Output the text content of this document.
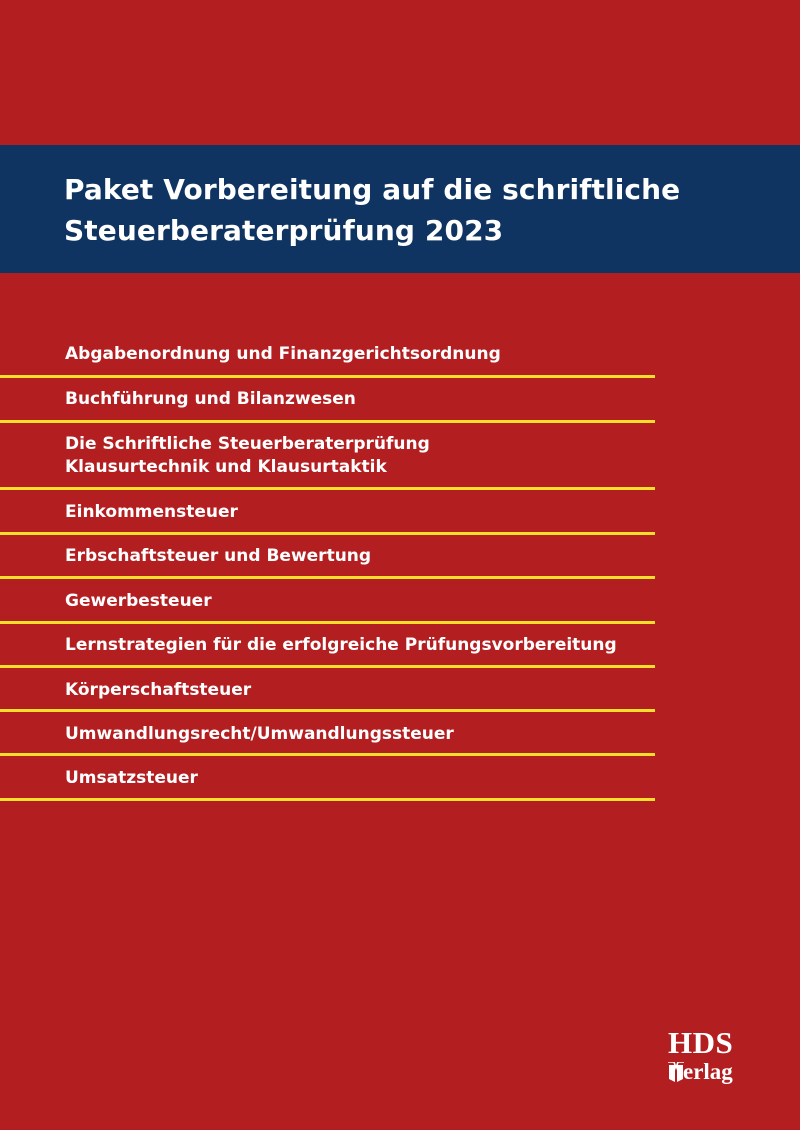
Paket Vorbereitung auf die schriftliche
Steuerberaterprüfung 2023
Abgabenordnung und Finanzgerichtsordnung
Buchführung und Bilanzwesen
Die Schriftliche Steuerberaterprüfung
Klausurtechnik und Klausurtaktik
Einkommensteuer
Erbschaftsteuer und Bewertung
Gewerbesteuer
Lernstrategien für die erfolgreiche Prüfungsvorbereitung
Körperschaftsteuer
Umwandlungsrecht/Umwandlungssteuer
Umsatzsteuer
HDS
erlag
